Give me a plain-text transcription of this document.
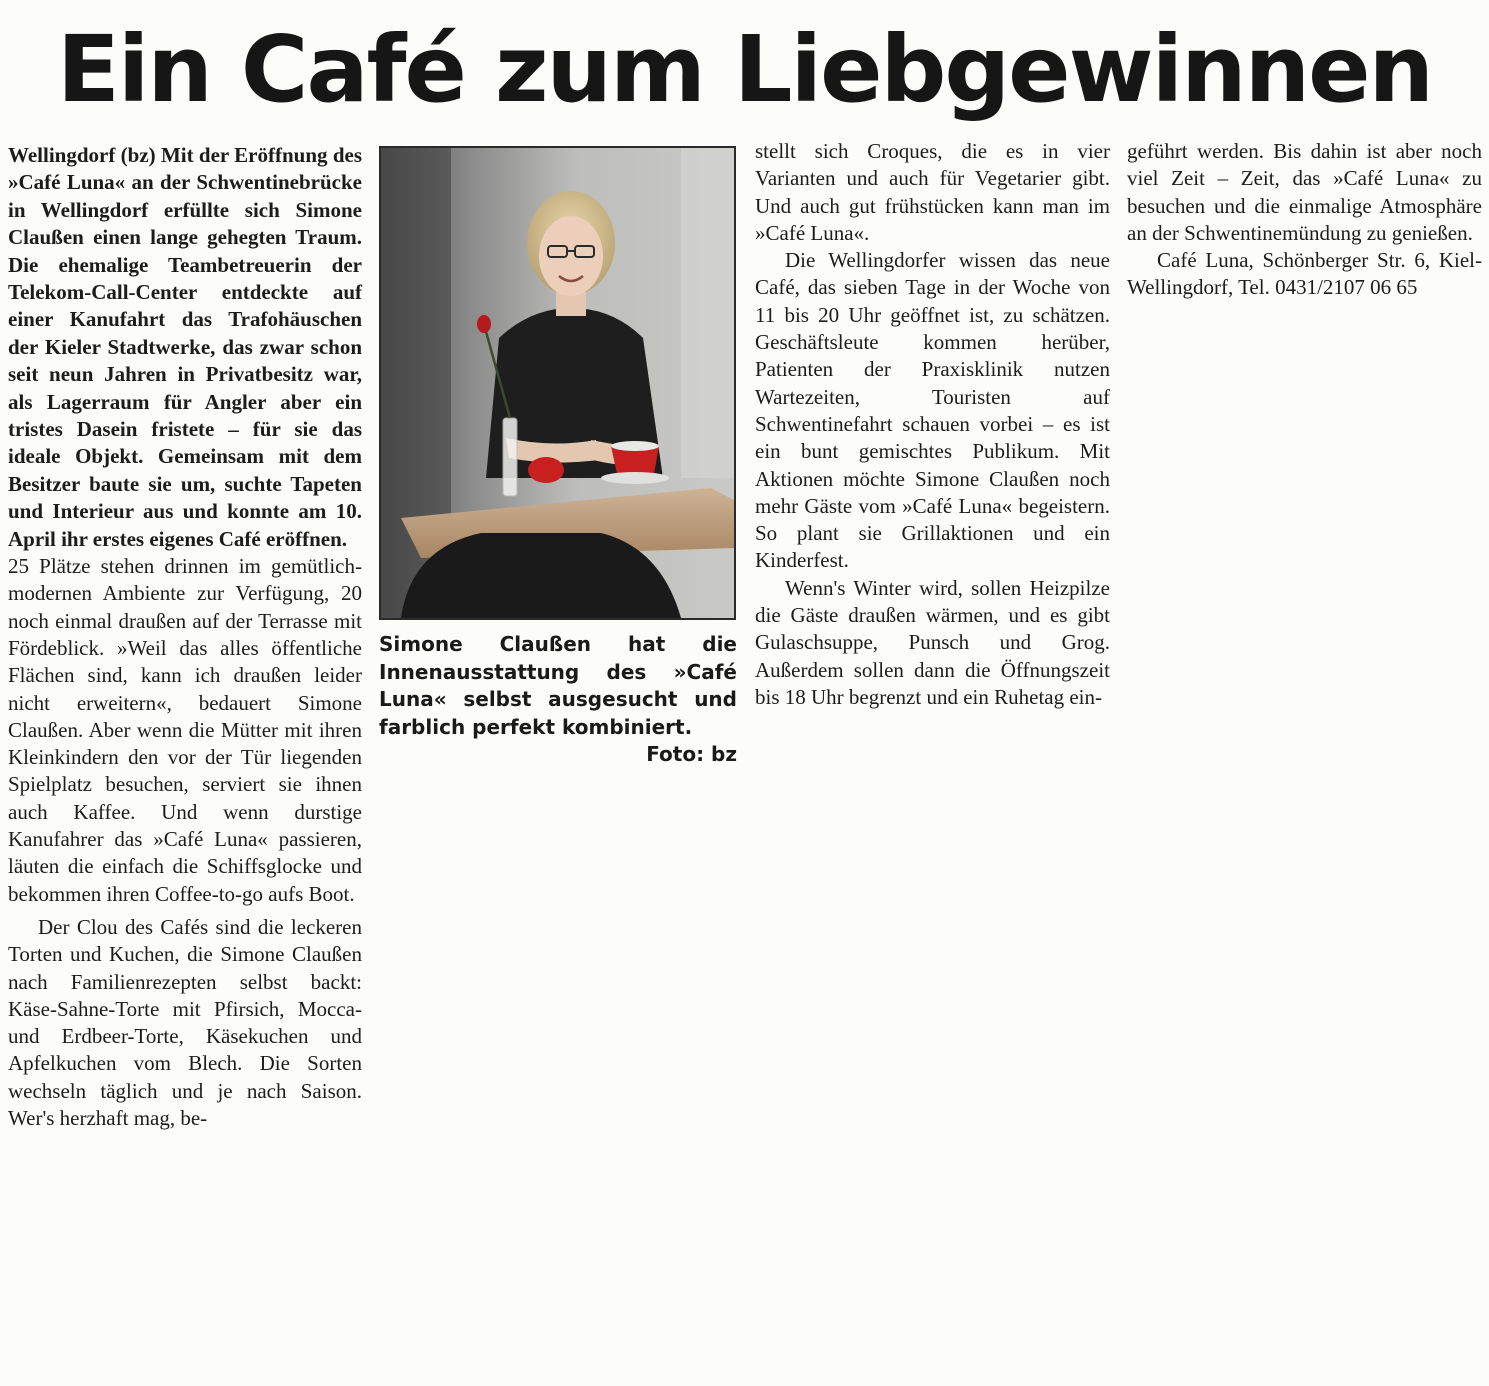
Ein Café zum Liebgewinnen

Wellingdorf (bz) Mit der Eröffnung des »Café Luna« an der Schwentinebrücke in Wellingdorf erfüllte sich Simone Claußen einen lange gehegten Traum. Die ehemalige Teambetreuerin der Telekom-Call-Center entdeckte auf einer Kanufahrt das Trafohäuschen der Kieler Stadtwerke, das zwar schon seit neun Jahren in Privatbesitz war, als Lagerraum für Angler aber ein tristes Dasein fristete – für sie das ideale Objekt. Gemeinsam mit dem Besitzer baute sie um, suchte Tapeten und Interieur aus und konnte am 10. April ihr erstes eigenes Café eröffnen.

25 Plätze stehen drinnen im gemütlich-modernen Ambiente zur Verfügung, 20 noch einmal draußen auf der Terrasse mit Fördeblick. »Weil das alles öffentliche Flächen sind, kann ich draußen leider nicht erweitern«, bedauert Simone Claußen. Aber wenn die Mütter mit ihren Kleinkindern den vor der Tür liegenden Spielplatz besuchen, serviert sie ihnen auch Kaffee. Und wenn durstige Kanufahrer das »Café Luna« passieren, läuten die einfach die Schiffsglocke und bekommen ihren Coffee-to-go aufs Boot.

Der Clou des Cafés sind die leckeren Torten und Kuchen, die Simone Claußen nach Familienrezepten selbst backt: Käse-Sahne-Torte mit Pfirsich, Mocca- und Erdbeer-Torte, Käsekuchen und Apfelkuchen vom Blech. Die Sorten wechseln täglich und je nach Saison. Wer's herzhaft mag, be-

Simone Claußen hat die Innenausstattung des »Café Luna« selbst ausgesucht und farblich perfekt kombiniert.

Foto: bz

stellt sich Croques, die es in vier Varianten und auch für Vegetarier gibt. Und auch gut frühstücken kann man im »Café Luna«.

Die Wellingdorfer wissen das neue Café, das sieben Tage in der Woche von 11 bis 20 Uhr geöffnet ist, zu schätzen. Geschäftsleute kommen herüber, Patienten der Praxisklinik nutzen Wartezeiten, Touristen auf Schwentinefahrt schauen vorbei – es ist ein bunt gemischtes Publikum. Mit Aktionen möchte Simone Claußen noch mehr Gäste vom »Café Luna« begeistern. So plant sie Grillaktionen und ein Kinderfest.

Wenn's Winter wird, sollen Heizpilze die Gäste draußen wärmen, und es gibt Gulaschsuppe, Punsch und Grog. Außerdem sollen dann die Öffnungszeit bis 18 Uhr begrenzt und ein Ruhetag ein-

geführt werden. Bis dahin ist aber noch viel Zeit – Zeit, das »Café Luna« zu besuchen und die einmalige Atmosphäre an der Schwentinemündung zu genießen.

Café Luna, Schönberger Str. 6, Kiel-Wellingdorf, Tel. 0431/2107 06 65
